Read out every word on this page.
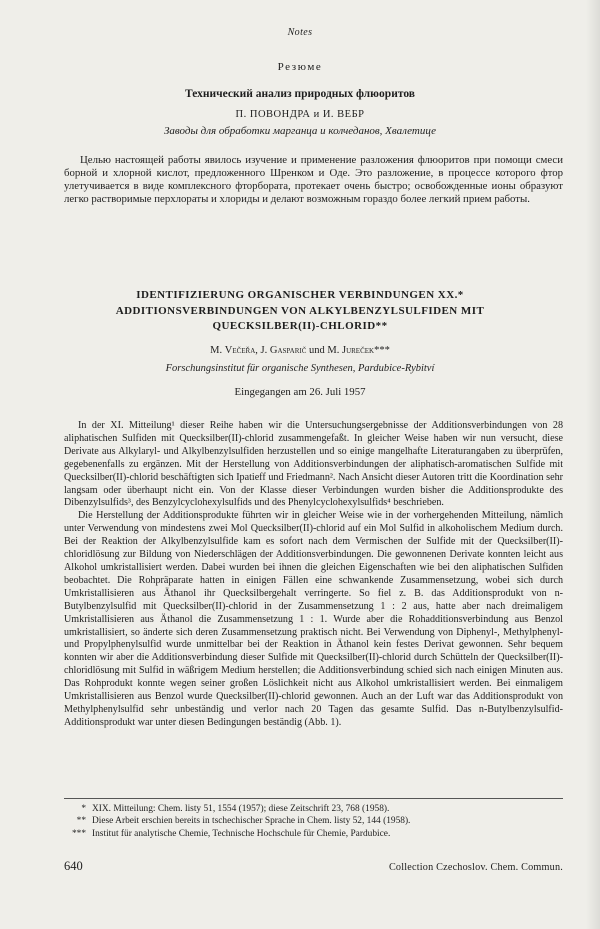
Notes
Резюме
Технический анализ природных флюоритов
П. ПОВОНДРА и И. ВЕБР
Заводы для обработки марганца и колчеданов, Хвалетице
Целью настоящей работы явилось изучение и применение разложения флюоритов при помощи смеси борной и хлорной кислот, предложенного Шренком и Оде. Это разложение, в процессе которого фтор улетучивается в виде комплексного фторбората, протекает очень быстро; освобожденные ионы образуют легко растворимые перхлораты и хлориды и делают возможным гораздо более легкий прием работы.
IDENTIFIZIERUNG ORGANISCHER VERBINDUNGEN XX.*
ADDITIONSVERBINDUNGEN VON ALKYLBENZYLSULFIDEN MIT
QUECKSILBER(II)-CHLORID**
M. Večeřa, J. Gasparič und M. Jureček***
Forschungsinstitut für organische Synthesen, Pardubice-Rybitví
Eingegangen am 26. Juli 1957

In der XI. Mitteilung¹ dieser Reihe haben wir die Untersuchungsergebnisse der Additionsverbindungen von 28 aliphatischen Sulfiden mit Quecksilber(II)-chlorid zusammengefaßt. In gleicher Weise haben wir nun versucht, diese Derivate aus Alkylaryl- und Alkylbenzylsulfiden herzustellen und so einige mangelhafte Literaturangaben zu überprüfen, gegebenenfalls zu ergänzen. Mit der Herstellung von Additionsverbindungen der aliphatisch-aromatischen Sulfide mit Quecksilber(II)-chlorid beschäftigten sich Ipatieff und Friedmann². Nach Ansicht dieser Autoren tritt die Koordination sehr langsam oder überhaupt nicht ein. Von der Klasse dieser Verbindungen wurden bisher die Additionsprodukte des Dibenzylsulfids³, des Benzylcyclohexylsulfids und des Phenylcyclohexylsulfids⁴ beschrieben.

Die Herstellung der Additionsprodukte führten wir in gleicher Weise wie in der vorhergehenden Mitteilung, nämlich unter Verwendung von mindestens zwei Mol Quecksilber(II)-chlorid auf ein Mol Sulfid in alkoholischem Medium durch. Bei der Reaktion der Alkylbenzylsulfide kam es sofort nach dem Vermischen der Sulfide mit der Quecksilber(II)-chloridlösung zur Bildung von Niederschlägen der Additionsverbindungen. Die gewonnenen Derivate konnten leicht aus Alkohol umkristallisiert werden. Dabei wurden bei ihnen die gleichen Eigenschaften wie bei den aliphatischen Sulfiden beobachtet. Die Rohpräparate hatten in einigen Fällen eine schwankende Zusammensetzung, wobei sich durch Umkristallisieren aus Äthanol ihr Quecksilbergehalt verringerte. So fiel z. B. das Additionsprodukt von n-Butylbenzylsulfid mit Quecksilber(II)-chlorid in der Zusammensetzung 1 : 2 aus, hatte aber nach dreimaligem Umkristallisieren aus Äthanol die Zusammensetzung 1 : 1. Wurde aber die Rohadditionsverbindung aus Benzol umkristallisiert, so änderte sich deren Zusammensetzung praktisch nicht. Bei Verwendung von Diphenyl-, Methylphenyl- und Propylphenylsulfid wurde unmittelbar bei der Reaktion in Äthanol kein festes Derivat gewonnen. Sehr bequem konnten wir aber die Additionsverbindung dieser Sulfide mit Quecksilber(II)-chlorid durch Schütteln der Quecksilber(II)-chloridlösung mit Sulfid in wäßrigem Medium herstellen; die Additionsverbindung schied sich nach einigen Minuten aus. Das Rohprodukt konnte wegen seiner großen Löslichkeit nicht aus Alkohol umkristallisiert werden. Bei einmaligem Umkristallisieren aus Benzol wurde Quecksilber(II)-chlorid gewonnen. Auch an der Luft war das Additionsprodukt von Methylphenylsulfid sehr unbeständig und verlor nach 20 Tagen das gesamte Sulfid. Das n-Butylbenzylsulfid-Additionsprodukt war unter diesen Bedingungen beständig (Abb. 1).

* XIX. Mitteilung: Chem. listy 51, 1554 (1957); diese Zeitschrift 23, 768 (1958).
** Diese Arbeit erschien bereits in tschechischer Sprache in Chem. listy 52, 144 (1958).
*** Institut für analytische Chemie, Technische Hochschule für Chemie, Pardubice.
640	Collection Czechoslov. Chem. Commun.
